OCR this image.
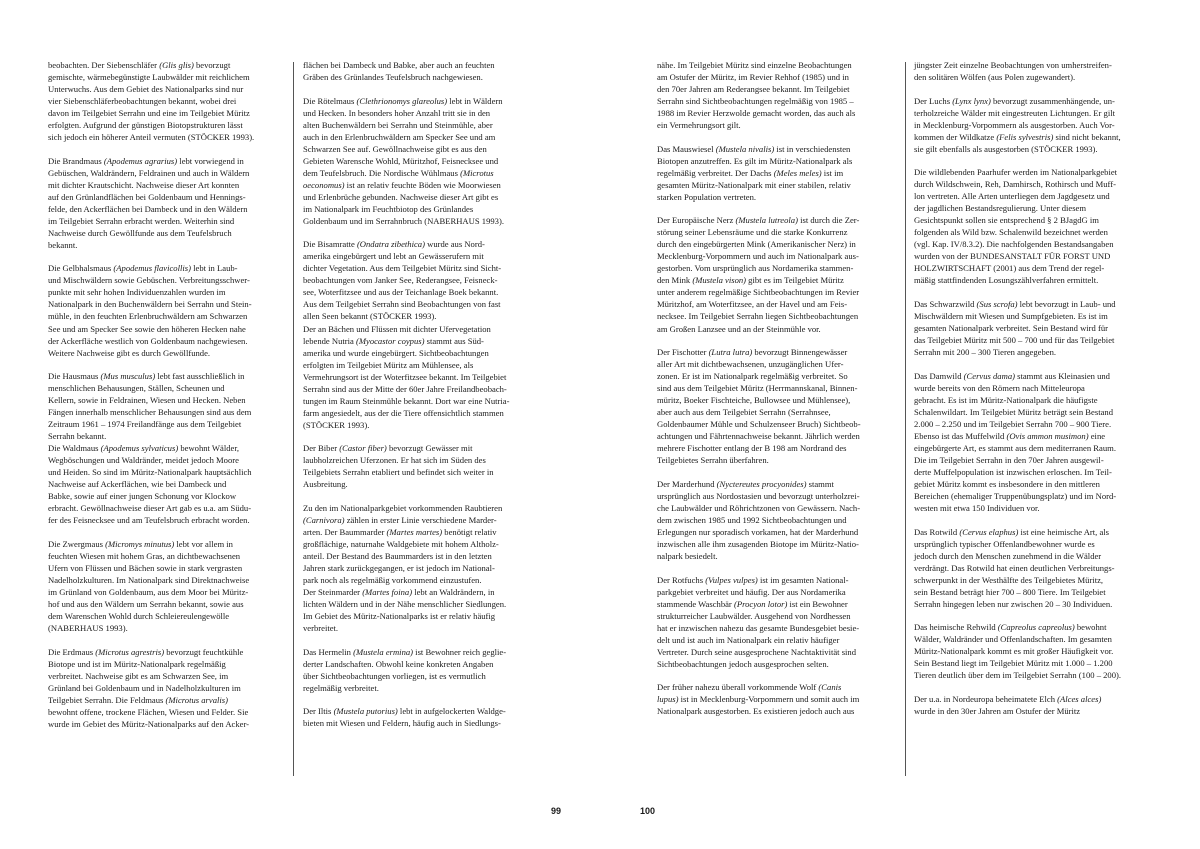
beobachten. Der Siebenschläfer (Glis glis) bevorzugt
gemischte, wärmebegünstigte Laubwälder mit reichlichem
Unterwuchs. Aus dem Gebiet des Nationalparks sind nur
vier Siebenschläferbeobachtungen bekannt, wobei drei
davon im Teilgebiet Serrahn und eine im Teilgebiet Müritz
erfolgten. Aufgrund der günstigen Biotopstrukturen lässt
sich jedoch ein höherer Anteil vermuten (STÖCKER 1993).

Die Brandmaus (Apodemus agrarius) lebt vorwiegend in
Gebüschen, Waldrändern, Feldrainen und auch in Wäldern
mit dichter Krautschicht. Nachweise dieser Art konnten
auf den Grünlandflächen bei Goldenbaum und Hennings-
felde, den Ackerflächen bei Dambeck und in den Wäldern
im Teilgebiet Serrahn erbracht werden. Weiterhin sind
Nachweise durch Gewöllfunde aus dem Teufelsbruch
bekannt.

Die Gelbhalsmaus (Apodemus flavicollis) lebt in Laub-
und Mischwäldern sowie Gebüschen. Verbreitungsschwer-
punkte mit sehr hohen Individuenzahlen wurden im
Nationalpark in den Buchenwäldern bei Serrahn und Stein-
mühle, in den feuchten Erlenbruchwäldern am Schwarzen
See und am Specker See sowie den höheren Hecken nahe
der Ackerfläche westlich von Goldenbaum nachgewiesen.
Weitere Nachweise gibt es durch Gewöllfunde.

Die Hausmaus (Mus musculus) lebt fast ausschließlich in
menschlichen Behausungen, Ställen, Scheunen und
Kellern, sowie in Feldrainen, Wiesen und Hecken. Neben
Fängen innerhalb menschlicher Behausungen sind aus dem
Zeitraum 1961 – 1974 Freilandfänge aus dem Teilgebiet
Serrahn bekannt.

Die Waldmaus (Apodemus sylvaticus) bewohnt Wälder,
Wegböschungen und Waldränder, meidet jedoch Moore
und Heiden. So sind im Müritz-Nationalpark hauptsächlich
Nachweise auf Ackerflächen, wie bei Dambeck und
Babke, sowie auf einer jungen Schonung vor Klockow
erbracht. Gewöllnachweise dieser Art gab es u.a. am Südu-
fer des Feisnecksee und am Teufelsbruch erbracht worden.

Die Zwergmaus (Micromys minutus) lebt vor allem in
feuchten Wiesen mit hohem Gras, an dichtbewachsenen
Ufern von Flüssen und Bächen sowie in stark vergrasten
Nadelholzkulturen. Im Nationalpark sind Direktnachweise
im Grünland von Goldenbaum, aus dem Moor bei Müritz-
hof und aus den Wäldern um Serrahn bekannt, sowie aus
dem Warenschen Wohld durch Schleiereulengewölle
(NABERHAUS 1993).

Die Erdmaus (Microtus agrestris) bevorzugt feuchtkühle
Biotope und ist im Müritz-Nationalpark regelmäßig
verbreitet. Nachweise gibt es am Schwarzen See, im
Grünland bei Goldenbaum und in Nadelholzkulturen im
Teilgebiet Serrahn. Die Feldmaus (Microtus arvalis)
bewohnt offene, trockene Flächen, Wiesen und Felder. Sie
wurde im Gebiet des Müritz-Nationalparks auf den Acker-

flächen bei Dambeck und Babke, aber auch an feuchten
Gräben des Grünlandes Teufelsbruch nachgewiesen.

Die Rötelmaus (Clethrionomys glareolus) lebt in Wäldern
und Hecken. In besonders hoher Anzahl tritt sie in den
alten Buchenwäldern bei Serrahn und Steinmühle, aber
auch in den Erlenbruchwäldern am Specker See und am
Schwarzen See auf. Gewöllnachweise gibt es aus den
Gebieten Warensche Wohld, Müritzhof, Feisnecksee und
dem Teufelsbruch. Die Nordische Wühlmaus (Microtus
oeconomus) ist an relativ feuchte Böden wie Moorwiesen
und Erlenbrüche gebunden. Nachweise dieser Art gibt es
im Nationalpark im Feuchtbiotop des Grünlandes
Goldenbaum und im Serrahnbruch (NABERHAUS 1993).

Die Bisamratte (Ondatra zibethica) wurde aus Nord-
amerika eingebürgert und lebt an Gewässerufern mit
dichter Vegetation. Aus dem Teilgebiet Müritz sind Sicht-
beobachtungen vom Janker See, Rederangsee, Feisneck-
see, Woterfitzsee und aus der Teichanlage Boek bekannt.
Aus dem Teilgebiet Serrahn sind Beobachtungen von fast
allen Seen bekannt (STÖCKER 1993).

Der an Bächen und Flüssen mit dichter Ufervegetation
lebende Nutria (Myocastor coypus) stammt aus Süd-
amerika und wurde eingebürgert. Sichtbeobachtungen
erfolgten im Teilgebiet Müritz am Mühlensee, als
Vermehrungsort ist der Woterfitzsee bekannt. Im Teilgebiet
Serrahn sind aus der Mitte der 60er Jahre Freilandbeobach-
tungen im Raum Steinmühle bekannt. Dort war eine Nutria-
farm angesiedelt, aus der die Tiere offensichtlich stammen
(STÖCKER 1993).

Der Biber (Castor fiber) bevorzugt Gewässer mit
laubholzreichen Uferzonen. Er hat sich im Süden des
Teilgebiets Serrahn etabliert und befindet sich weiter in
Ausbreitung.

Zu den im Nationalparkgebiet vorkommenden Raubtieren
(Carnivora) zählen in erster Linie verschiedene Marder-
arten. Der Baummarder (Martes martes) benötigt relativ
großflächige, naturnahe Waldgebiete mit hohem Altholz-
anteil. Der Bestand des Baummarders ist in den letzten
Jahren stark zurückgegangen, er ist jedoch im National-
park noch als regelmäßig vorkommend einzustufen.
Der Steinmarder (Martes foina) lebt an Waldrändern, in
lichten Wäldern und in der Nähe menschlicher Siedlungen.
Im Gebiet des Müritz-Nationalparks ist er relativ häufig
verbreitet.

Das Hermelin (Mustela ermina) ist Bewohner reich geglie-
derter Landschaften. Obwohl keine konkreten Angaben
über Sichtbeobachtungen vorliegen, ist es vermutlich
regelmäßig verbreitet.

Der Iltis (Mustela putorius) lebt in aufgelockerten Waldge-
bieten mit Wiesen und Feldern, häufig auch in Siedlungs-

99

nähe. Im Teilgebiet Müritz sind einzelne Beobachtungen
am Ostufer der Müritz, im Revier Rehhof (1985) und in
den 70er Jahren am Rederangsee bekannt. Im Teilgebiet
Serrahn sind Sichtbeobachtungen regelmäßig von 1985 –
1988 im Revier Herzwolde gemacht worden, das auch als
ein Vermehrungsort gilt.

Das Mauswiesel (Mustela nivalis) ist in verschiedensten
Biotopen anzutreffen. Es gilt im Müritz-Nationalpark als
regelmäßig verbreitet. Der Dachs (Meles meles) ist im
gesamten Müritz-Nationalpark mit einer stabilen, relativ
starken Population vertreten.

Der Europäische Nerz (Mustela lutreola) ist durch die Zer-
störung seiner Lebensräume und die starke Konkurrenz
durch den eingebürgerten Mink (Amerikanischer Nerz) in
Mecklenburg-Vorpommern und auch im Nationalpark aus-
gestorben. Vom ursprünglich aus Nordamerika stammen-
den Mink (Mustela vison) gibt es im Teilgebiet Müritz
unter anderem regelmäßige Sichtbeobachtungen im Revier
Müritzhof, am Woterfitzsee, an der Havel und am Feis-
necksee. Im Teilgebiet Serrahn liegen Sichtbeobachtungen
am Großen Lanzsee und an der Steinmühle vor.

Der Fischotter (Lutra lutra) bevorzugt Binnengewässer
aller Art mit dichtbewachsenen, unzugänglichen Ufer-
zonen. Er ist im Nationalpark regelmäßig verbreitet. So
sind aus dem Teilgebiet Müritz (Herrmannskanal, Binnen-
müritz, Boeker Fischteiche, Bullowsee und Mühlensee),
aber auch aus dem Teilgebiet Serrahn (Serrahnsee,
Goldenbaumer Mühle und Schulzenseer Bruch) Sichtbeob-
achtungen und Fährtennachweise bekannt. Jährlich werden
mehrere Fischotter entlang der B 198 am Nordrand des
Teilgebietes Serrahn überfahren.

Der Marderhund (Nyctereutes procyonides) stammt
ursprünglich aus Nordostasien und bevorzugt unterholzrei-
che Laubwälder und Röhrichtzonen von Gewässern. Nach-
dem zwischen 1985 und 1992 Sichtbeobachtungen und
Erlegungen nur sporadisch vorkamen, hat der Marderhund
inzwischen alle ihm zusagenden Biotope im Müritz-Natio-
nalpark besiedelt.

Der Rotfuchs (Vulpes vulpes) ist im gesamten National-
parkgebiet verbreitet und häufig. Der aus Nordamerika
stammende Waschbär (Procyon lotor) ist ein Bewohner
strukturreicher Laubwälder. Ausgehend von Nordhessen
hat er inzwischen nahezu das gesamte Bundesgebiet besie-
delt und ist auch im Nationalpark ein relativ häufiger
Vertreter. Durch seine ausgesprochene Nachtaktivität sind
Sichtbeobachtungen jedoch ausgesprochen selten.

Der früher nahezu überall vorkommende Wolf (Canis
lupus) ist in Mecklenburg-Vorpommern und somit auch im
Nationalpark ausgestorben. Es existieren jedoch auch aus

jüngster Zeit einzelne Beobachtungen von umherstreifen-
den solitären Wölfen (aus Polen zugewandert).

Der Luchs (Lynx lynx) bevorzugt zusammenhängende, un-
terholzreiche Wälder mit eingestreuten Lichtungen. Er gilt
in Mecklenburg-Vorpommern als ausgestorben. Auch Vor-
kommen der Wildkatze (Felis sylvestris) sind nicht bekannt,
sie gilt ebenfalls als ausgestorben (STÖCKER 1993).

Die wildlebenden Paarhufer werden im Nationalparkgebiet
durch Wildschwein, Reh, Damhirsch, Rothirsch und Muff-
lon vertreten. Alle Arten unterliegen dem Jagdgesetz und
der jagdlichen Bestandsregulierung. Unter diesem
Gesichtspunkt sollen sie entsprechend § 2 BJagdG im
folgenden als Wild bzw. Schalenwild bezeichnet werden
(vgl. Kap. IV/8.3.2). Die nachfolgenden Bestandsangaben
wurden von der BUNDESANSTALT FÜR FORST UND
HOLZWIRTSCHAFT (2001) aus dem Trend der regel-
mäßig stattfindenden Losungszählverfahren ermittelt.

Das Schwarzwild (Sus scrofa) lebt bevorzugt in Laub- und
Mischwäldern mit Wiesen und Sumpfgebieten. Es ist im
gesamten Nationalpark verbreitet. Sein Bestand wird für
das Teilgebiet Müritz mit 500 – 700 und für das Teilgebiet
Serrahn mit 200 – 300 Tieren angegeben.

Das Damwild (Cervus dama) stammt aus Kleinasien und
wurde bereits von den Römern nach Mitteleuropa
gebracht. Es ist im Müritz-Nationalpark die häufigste
Schalenwildart. Im Teilgebiet Müritz beträgt sein Bestand
2.000 – 2.250 und im Teilgebiet Serrahn 700 – 900 Tiere.
Ebenso ist das Muffelwild (Ovis ammon musimon) eine
eingebürgerte Art, es stammt aus dem mediterranen Raum.
Die im Teilgebiet Serrahn in den 70er Jahren ausgewil-
derte Muffelpopulation ist inzwischen erloschen. Im Teil-
gebiet Müritz kommt es insbesondere in den mittleren
Bereichen (ehemaliger Truppenübungsplatz) und im Nord-
westen mit etwa 150 Individuen vor.

Das Rotwild (Cervus elaphus) ist eine heimische Art, als
ursprünglich typischer Offenlandbewohner wurde es
jedoch durch den Menschen zunehmend in die Wälder
verdrängt. Das Rotwild hat einen deutlichen Verbreitungs-
schwerpunkt in der Westhälfte des Teilgebietes Müritz,
sein Bestand beträgt hier 700 – 800 Tiere. Im Teilgebiet
Serrahn hingegen leben nur zwischen 20 – 30 Individuen.

Das heimische Rehwild (Capreolus capreolus) bewohnt
Wälder, Waldränder und Offenlandschaften. Im gesamten
Müritz-Nationalpark kommt es mit großer Häufigkeit vor.
Sein Bestand liegt im Teilgebiet Müritz mit 1.000 – 1.200
Tieren deutlich über dem im Teilgebiet Serrahn (100 – 200).

Der u.a. in Nordeuropa beheimatete Elch (Alces alces)
wurde in den 30er Jahren am Ostufer der Müritz

100
